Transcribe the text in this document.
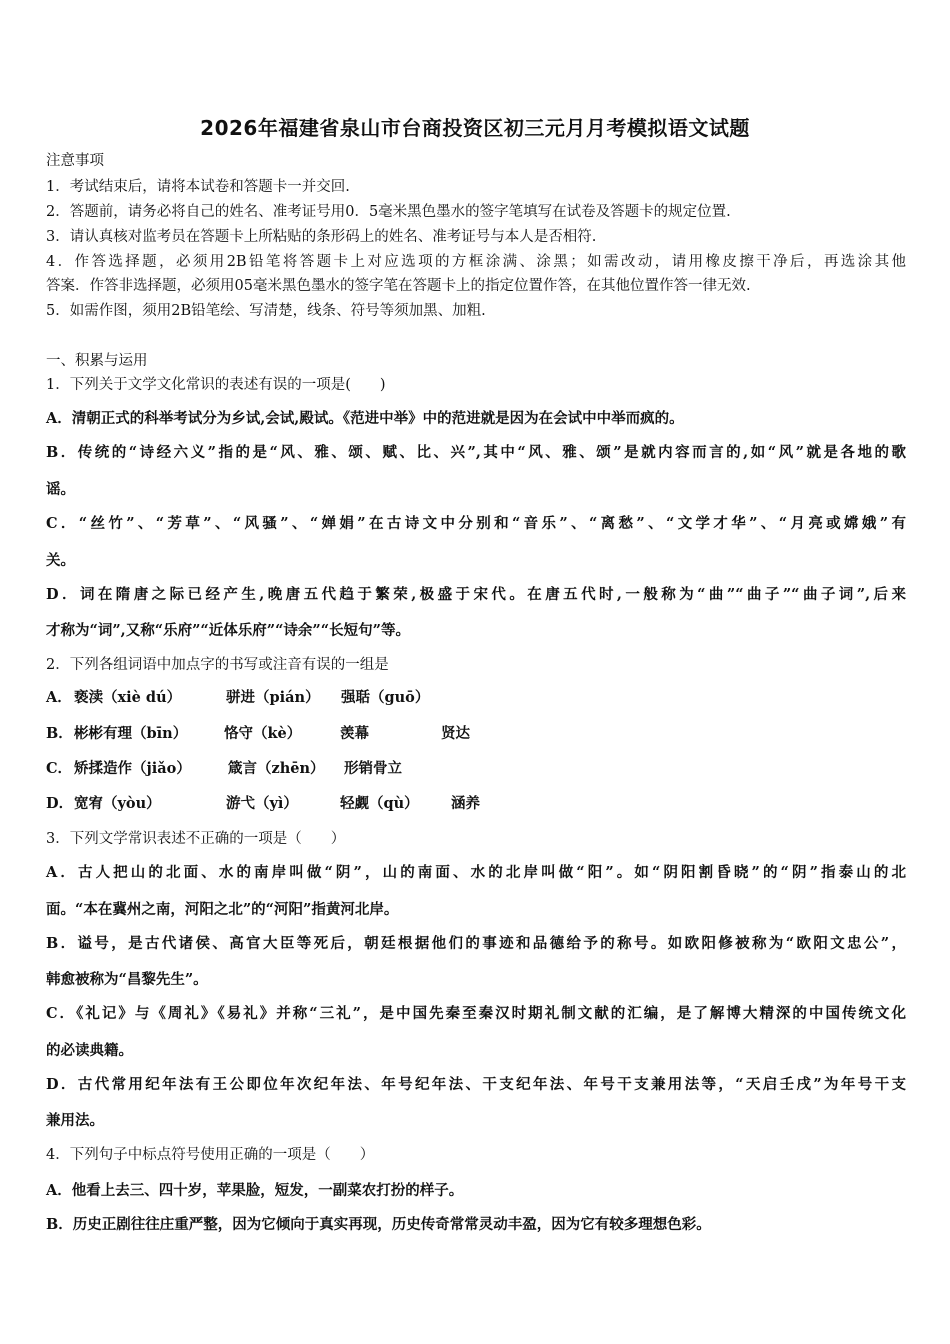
2026年福建省泉山市台商投资区初三元月月考模拟语文试题
注意事项
1．考试结束后，请将本试卷和答题卡一并交回.
2．答题前，请务必将自己的姓名、准考证号用0．5毫米黑色墨水的签字笔填写在试卷及答题卡的规定位置.
3．请认真核对监考员在答题卡上所粘贴的条形码上的姓名、准考证号与本人是否相符.
4．作答选择题，必须用2B铅笔将答题卡上对应选项的方框涂满、涂黑；如需改动，请用橡皮擦干净后，再选涂其他
答案．作答非选择题，必须用05毫米黑色墨水的签字笔在答题卡上的指定位置作答，在其他位置作答一律无效.
5．如需作图，须用2B铅笔绘、写清楚，线条、符号等须加黑、加粗.
一、积累与运用
1．下列关于文学文化常识的表述有误的一项是(　　)
A．清朝正式的科举考试分为乡试,会试,殿试。《范进中举》中的范进就是因为在会试中中举而疯的。
B．传统的“诗经六义”指的是“风、雅、颂、赋、比、兴”,其中“风、雅、颂”是就内容而言的,如“风”就是各地的歌
谣。
C．“丝竹”、“芳草”、“风骚”、“婵娟”在古诗文中分别和“音乐”、“离愁”、“文学才华”、“月亮或嫦娥”有
关。
D．词在隋唐之际已经产生,晚唐五代趋于繁荣,极盛于宋代。在唐五代时,一般称为“曲”“曲子”“曲子词”,后来
才称为“词”,又称“乐府”“近体乐府”“诗余”“长短句”等。
2．下列各组词语中加点字的书写或注音有误的一组是
A． 亵渎（xiè dú）	骈进（pián） 强聒（guō）
B． 彬彬有理（bīn）	恪守（kè）	羡幕	贤达
C． 矫揉造作（jiǎo）	箴言（zhēn） 形销骨立
D． 宽宥（yòu）	游弋（yì）	轻觑（qù） 涵养
3．下列文学常识表述不正确的一项是（　　）
A．古人把山的北面、水的南岸叫做“阴”，山的南面、水的北岸叫做“阳”。如“阴阳割昏晓”的“阴”指泰山的北
面。“本在冀州之南，河阳之北”的“河阳”指黄河北岸。
B．谥号，是古代诸侯、高官大臣等死后，朝廷根据他们的事迹和品德给予的称号。如欧阳修被称为“欧阳文忠公”，
韩愈被称为“昌黎先生”。
C．《礼记》与《周礼》《易礼》并称“三礼”，是中国先秦至秦汉时期礼制文献的汇编，是了解博大精深的中国传统文化
的必读典籍。
D．古代常用纪年法有王公即位年次纪年法、年号纪年法、干支纪年法、年号干支兼用法等，“天启壬戌”为年号干支
兼用法。
4．下列句子中标点符号使用正确的一项是（　　）
A．他看上去三、四十岁，苹果脸，短发，一副菜农打扮的样子。
B．历史正剧往往庄重严整，因为它倾向于真实再现，历史传奇常常灵动丰盈，因为它有较多理想色彩。
